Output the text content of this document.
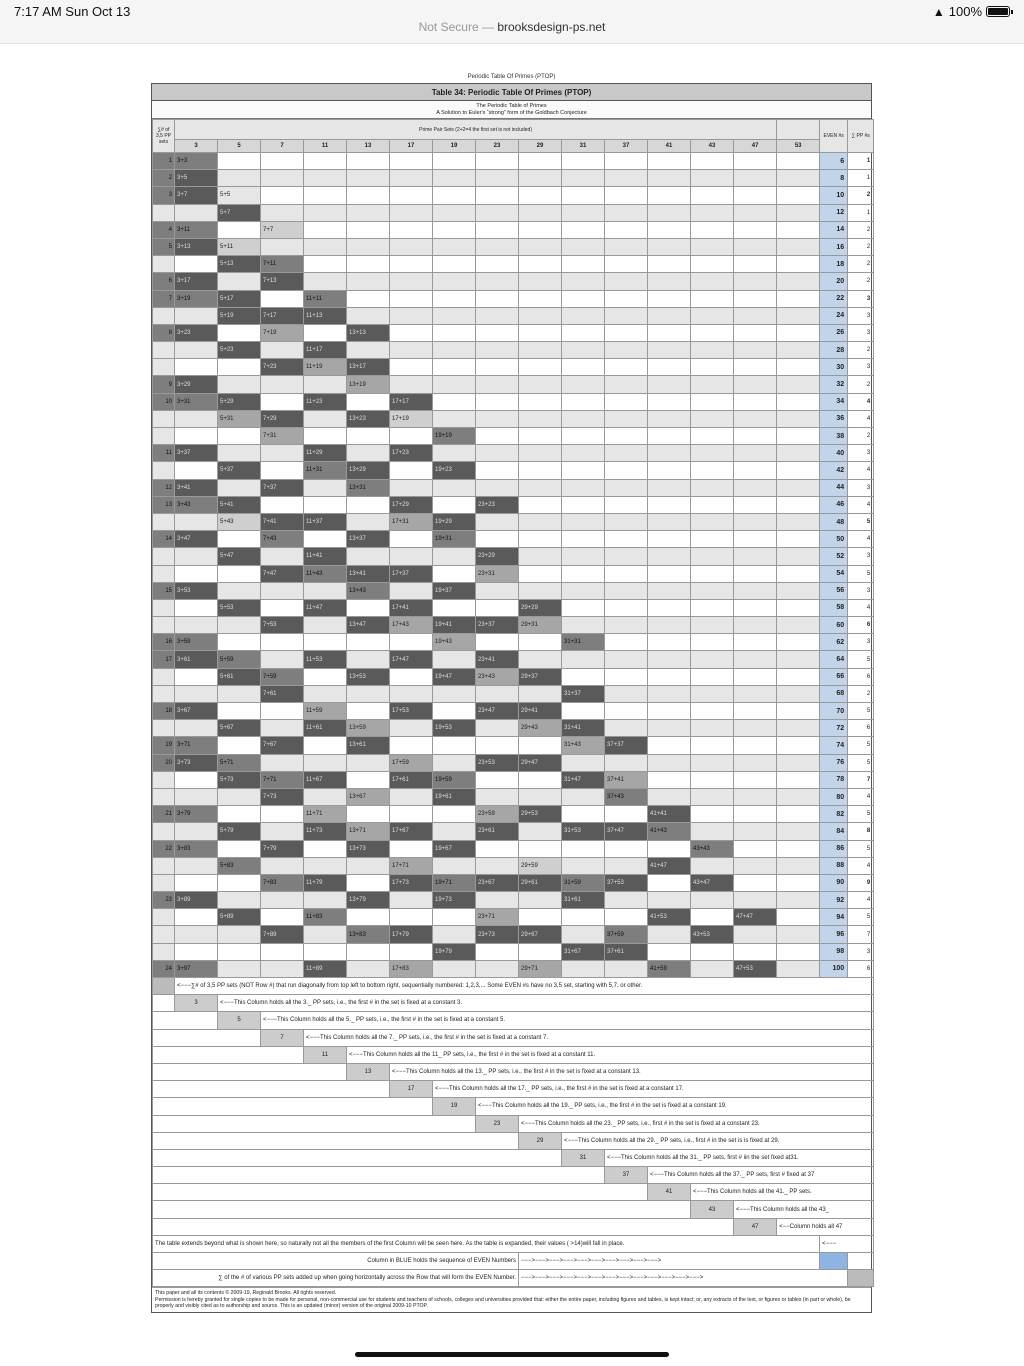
7:17 AM Sun Oct 13
Not Secure — brooksdesign-ps.net
▲ 100%
Periodic Table Of Primes (PTOP)
Table 34: Periodic Table Of Primes (PTOP)
The Periodic Table of Primes
A Solution to Euler's “strong” form of the Goldbach Conjecture
∑# of 3,5 PP sets	Prime Pair Sets (2+2=4 the first set is not included)															EVEN #s	∑ PP #s
	3	5	7	11	13	17	19	23	29	31	37	41	43	47	53		
1	3+3															6	1
2	3+5															8	1
3	3+7	5+5														10	2
		5+7														12	1
4	3+11		7+7													14	2
5	3+13	5+11														16	2
		5+13	7+11													18	2
6	3+17		7+13													20	2
7	3+19	5+17		11+11												22	3
		5+19	7+17	11+13												24	3
8	3+23		7+19		13+13											26	3
		5+23		11+17												28	2
			7+23	11+19	13+17											30	3
9	3+29				13+19											32	2
10	3+31	5+29		11+23		17+17										34	4
		5+31	7+29		13+23	17+19										36	4
			7+31				19+19									38	2
11	3+37			11+29		17+23										40	3
		5+37		11+31	13+29		19+23									42	4
12	3+41		7+37		13+31											44	3
13	3+43	5+41				17+29		23+23								46	4
		5+43	7+41	11+37		17+31	19+29									48	5
14	3+47		7+43		13+37		19+31									50	4
		5+47		11+41				23+29								52	3
			7+47	11+43	13+41	17+37		23+31								54	5
15	3+53				13+43		19+37									56	3
		5+53		11+47		17+41			29+29							58	4
			7+53		13+47	17+43	19+41	23+37	29+31							60	6
16	3+59						19+43			31+31						62	3
17	3+61	5+59		11+53		17+47		23+41								64	5
		5+61	7+59		13+53		19+47	23+43	29+37							66	6
			7+61							31+37						68	2
18	3+67			11+59		17+53		23+47	29+41							70	5
		5+67		11+61	13+59		19+53		29+43	31+41						72	6
19	3+71		7+67		13+61					31+43	37+37					74	5
20	3+73	5+71				17+59		23+53	29+47							76	5
		5+73	7+71	11+67		17+61	19+59			31+47	37+41					78	7
			7+73		13+67		19+61				37+43					80	4
21	3+79			11+71				23+59	29+53			41+41				82	5
		5+79		11+73	13+71	17+67		23+61		31+53	37+47	41+43				84	8
22	3+83		7+79		13+73		19+67						43+43			86	5
		5+83				17+71			29+59			41+47				88	4
			7+83	11+79		17+73	19+71	23+67	29+61	31+59	37+53		43+47			90	9
23	3+89				13+79		19+73			31+61						92	4
		5+89		11+83				23+71				41+53		47+47		94	5
			7+89		13+83	17+79		23+73	29+67		37+59		43+53			96	7
							19+79			31+67	37+61					98	3
24	3+97			11+89		17+83			29+71			41+59		47+53		100	6
	<−−−∑# of 3,5 PP sets (NOT Row #) that run diagonally from top left to bottom right, sequentially numbered: 1,2,3,... Some EVEN #s have no 3,5 set, starting with 5,7, or other.																
	3	<−−−This Column holds all the 3._ PP sets, i.e., the first # in the set is fixed at a constant 3.															
		5	<−−−This Column holds all the 5._ PP sets, i.e., the first # in the set is fixed at a constant 5.														
			7	<−−−This Column holds all the 7._ PP sets, i.e., the first # in the set is fixed at a constant 7.													
				11	<−−−This Column holds all the 11_ PP sets, i.e., the first # in the set is fixed at a constant 11.												
					13	<−−−This Column holds all the 13._ PP sets, i.e., the first # in the set is fixed at a constant 13.											
						17	<−−−This Column holds all the 17._ PP sets, i.e., the first # in the set is fixed at a constant 17.										
							19	<−−−This Column holds all the 19._ PP sets, i.e., the first # in the set is fixed at a constant 19.									
								23	<−−−This Column holds all the 23._ PP sets, i.e., first # in the set is fixed at a constant 23.								
									29	<−−−This Column holds all the 29._ PP sets, i.e., first # in the set is is fixed at 29.							
										31	<−−−This Column holds all the 31._ PP sets, first # iin the set fixed at31.						
											37	<−−−This Column holds all the 37._ PP sets, first # fixed at 37					
												41	<−−−This Column holds all the 41._ PP sets.				
													43	<−−−This Column holds all the 43_			
														47	<−−Column holds all 47		
The table extends beyond what is shown here, so naturally not all the members of the first Column will be seen here. As the table is expanded, their values ( >14)will fall in place.																<−−−	
Column in BLUE holds the sequence of EVEN Numbers									−−−>−−−>−−−>−−−>−−−>−−−>−−−>−−−>−−−>−−−>								
∑ of the # of various PP sets added up when going horizontally across the Row that will form the EVEN Number.									−−−>−−−>−−−>−−−>−−−>−−−>−−−>−−−>−−−>−−−>−−−>−−−>−−−>								
This paper and all its contents © 2009-19, Reginald Brooks. All rights reserved.
Permission is hereby granted for single copies to be made for personal, non-commercial use for students and teachers of schools, colleges and universities provided that: either the entire paper, including figures and tables, is kept intact; or, any extracts of the text, or figures or tables (in part or whole), be properly and visibly cited as to authorship and source. This is an updated (minor) version of the original 2009-10 PTOP.
